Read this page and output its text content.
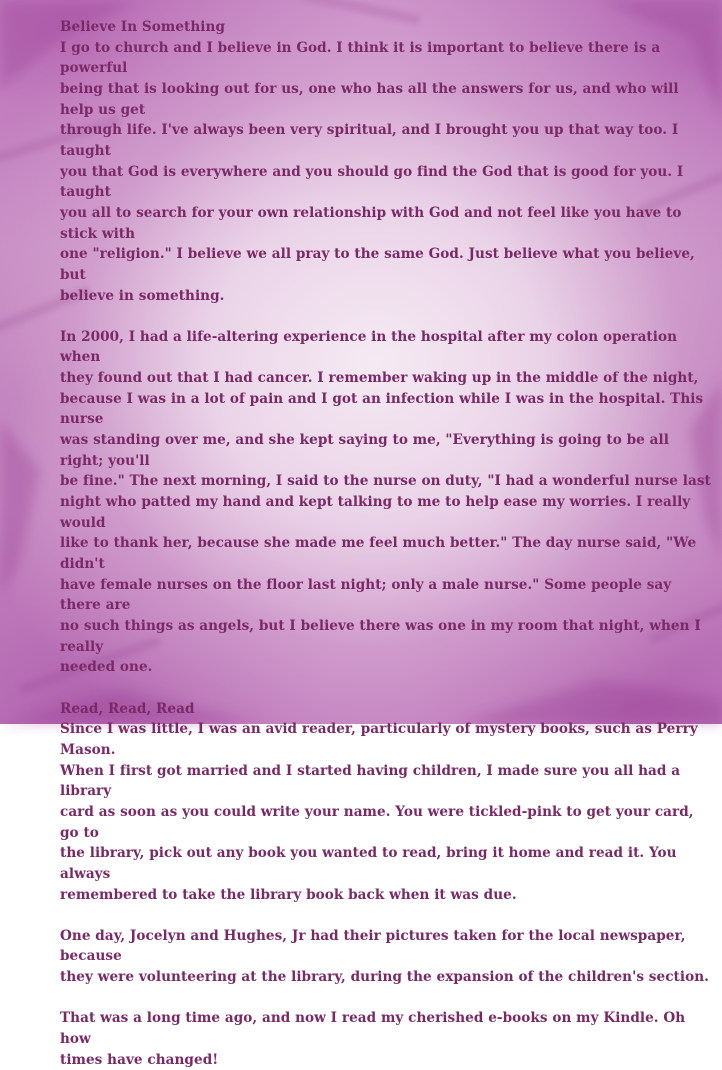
Believe In Something

I go to church and I believe in God. I think it is important to believe there is a powerful

being that is looking out for us, one who has all the answers for us, and who will help us get

through life. I've always been very spiritual, and I brought you up that way too. I taught

you that God is everywhere and you should go find the God that is good for you. I taught

you all to search for your own relationship with God and not feel like you have to stick with

one "religion." I believe we all pray to the same God. Just believe what you believe, but

believe in something.

In 2000, I had a life-altering experience in the hospital after my colon operation when

they found out that I had cancer. I remember waking up in the middle of the night,

because I was in a lot of pain and I got an infection while I was in the hospital. This nurse

was standing over me, and she kept saying to me, "Everything is going to be all right; you'll

be fine." The next morning, I said to the nurse on duty, "I had a wonderful nurse last

night who patted my hand and kept talking to me to help ease my worries. I really would

like to thank her, because she made me feel much better." The day nurse said, "We didn't

have female nurses on the floor last night; only a male nurse." Some people say there are

no such things as angels, but I believe there was one in my room that night, when I really

needed one.

Read, Read, Read

Since I was little, I was an avid reader, particularly of mystery books, such as Perry Mason.

When I first got married and I started having children, I made sure you all had a library

card as soon as you could write your name. You were tickled-pink to get your card, go to

the library, pick out any book you wanted to read, bring it home and read it. You always

remembered to take the library book back when it was due.

One day, Jocelyn and Hughes, Jr had their pictures taken for the local newspaper, because

they were volunteering at the library, during the expansion of the children's section.

That was a long time ago, and now I read my cherished e-books on my Kindle. Oh how

times have changed!
